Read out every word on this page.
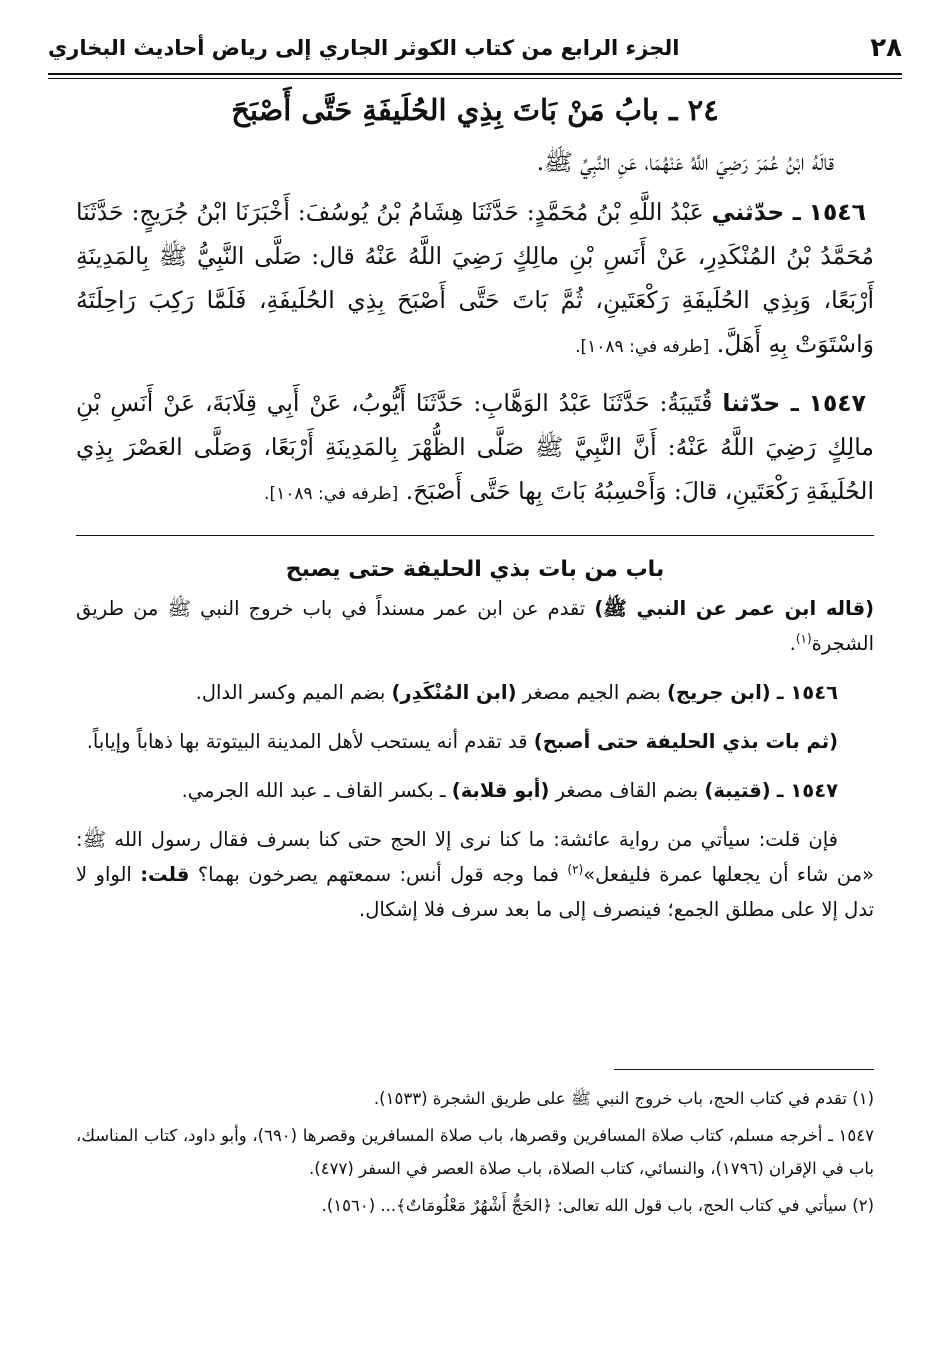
٢٨
الجزء الرابع من كتاب الكوثر الجاري إلى رياض أحاديث البخاري
٢٤ ـ بابُ مَنْ بَاتَ بِذِي الحُلَيفَةِ حَتَّى أَصْبَحَ

قالَهُ ابْنُ عُمَرَ رَضِيَ اللَّهُ عَنْهُمَا، عَنِ النَّبِيِّ ﷺ.

١٥٤٦ ـ حدّثني عَبْدُ اللَّهِ بْنُ مُحَمَّدٍ: حَدَّثَنَا هِشَامُ بْنُ يُوسُفَ: أَخْبَرَنَا ابْنُ جُرَيجٍ: حَدَّثَنَا مُحَمَّدُ بْنُ المُنْكَدِرِ، عَنْ أَنَسِ بْنِ مالِكٍ رَضِيَ اللَّهُ عَنْهُ قال: صَلَّى النَّبِيُّ ﷺ بِالمَدِينَةِ أَرْبَعًا، وَبِذِي الحُلَيفَةِ رَكْعَتَينِ، ثُمَّ بَاتَ حَتَّى أَصْبَحَ بِذِي الحُلَيفَةِ، فَلَمَّا رَكِبَ رَاحِلَتَهُ وَاسْتَوَتْ بِهِ أَهَلَّ. [طرفه في: ١٠٨٩].

١٥٤٧ ـ حدّثنا قُتَيبَةُ: حَدَّثَنَا عَبْدُ الوَهَّابِ: حَدَّثَنَا أَيُّوبُ، عَنْ أَبِي قِلَابَةَ، عَنْ أَنَسِ بْنِ مالِكٍ رَضِيَ اللَّهُ عَنْهُ: أَنَّ النَّبِيَّ ﷺ صَلَّى الظُّهْرَ بِالمَدِينَةِ أَرْبَعًا، وَصَلَّى العَصْرَ بِذِي الحُلَيفَةِ رَكْعَتَينِ، قالَ: وَأَحْسِبُهُ بَاتَ بِها حَتَّى أَصْبَحَ. [طرفه في: ١٠٨٩].

باب من بات بذي الحليفة حتى يصبح

(قاله ابن عمر عن النبي ﷺ) تقدم عن ابن عمر مسنداً في باب خروج النبي ﷺ من طريق الشجرة$^{(١)}$.

١٥٤٦ ـ (ابن جريج) بضم الجيم مصغر (ابن المُنْكَدِر) بضم الميم وكسر الدال.

(ثم بات بذي الحليفة حتى أصبح) قد تقدم أنه يستحب لأهل المدينة البيتوتة بها ذهاباً وإياباً.

١٥٤٧ ـ (قتيبة) بضم القاف مصغر (أبو قلابة) ـ بكسر القاف ـ عبد الله الجرمي.

فإن قلت: سيأتي من رواية عائشة: ما كنا نرى إلا الحج حتى كنا بسرف فقال رسول الله ﷺ: «من شاء أن يجعلها عمرة فليفعل»$^{(٢)}$ فما وجه قول أنس: سمعتهم يصرخون بهما؟ قلت: الواو لا تدل إلا على مطلق الجمع؛ فينصرف إلى ما بعد سرف فلا إشكال.

(١) تقدم في كتاب الحج، باب خروج النبي ﷺ على طريق الشجرة (١٥٣٣).

١٥٤٧ ـ أخرجه مسلم، كتاب صلاة المسافرين وقصرها، باب صلاة المسافرين وقصرها (٦٩٠)، وأبو داود، كتاب المناسك، باب في الإقران (١٧٩٦)، والنسائي، كتاب الصلاة، باب صلاة العصر في السفر (٤٧٧).

(٢) سيأتي في كتاب الحج، باب قول الله تعالى: ﴿الحَجُّ أَشْهُرٌ مَعْلُومَاتٌ﴾... (١٥٦٠).
